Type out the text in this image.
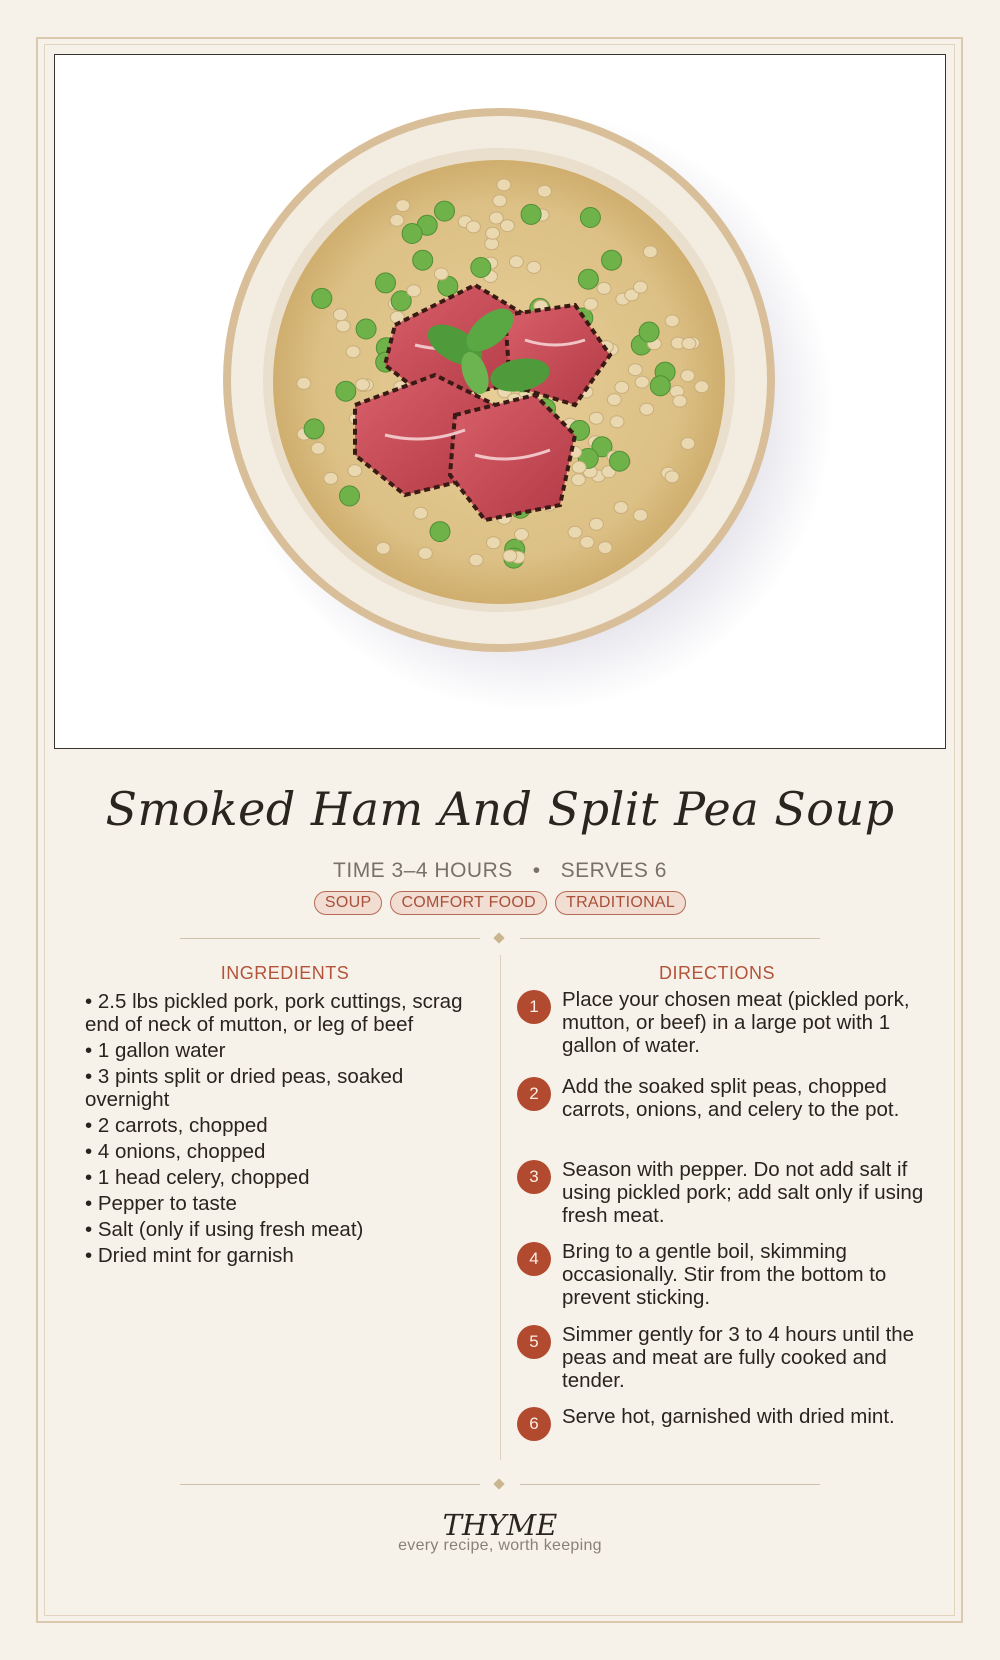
Smoked Ham And Split Pea Soup
TIME 3–4 HOURS • SERVES 6
SOUP COMFORT FOOD TRADITIONAL
INGREDIENTS	DIRECTIONS
• 2.5 lbs pickled pork, pork cuttings, scrag end of neck of mutton, or leg of beef
• 1 gallon water
• 3 pints split or dried peas, soaked overnight
• 2 carrots, chopped
• 4 onions, chopped
• 1 head celery, chopped
• Pepper to taste
• Salt (only if using fresh meat)
• Dried mint for garnish
1	Place your chosen meat (pickled pork, mutton, or beef) in a large pot with 1 gallon of water.
2	Add the soaked split peas, chopped carrots, onions, and celery to the pot.
3	Season with pepper. Do not add salt if using pickled pork; add salt only if using fresh meat.
4	Bring to a gentle boil, skimming occasionally. Stir from the bottom to prevent sticking.
5	Simmer gently for 3 to 4 hours until the peas and meat are fully cooked and tender.
6	Serve hot, garnished with dried mint.
THYME
every recipe, worth keeping
